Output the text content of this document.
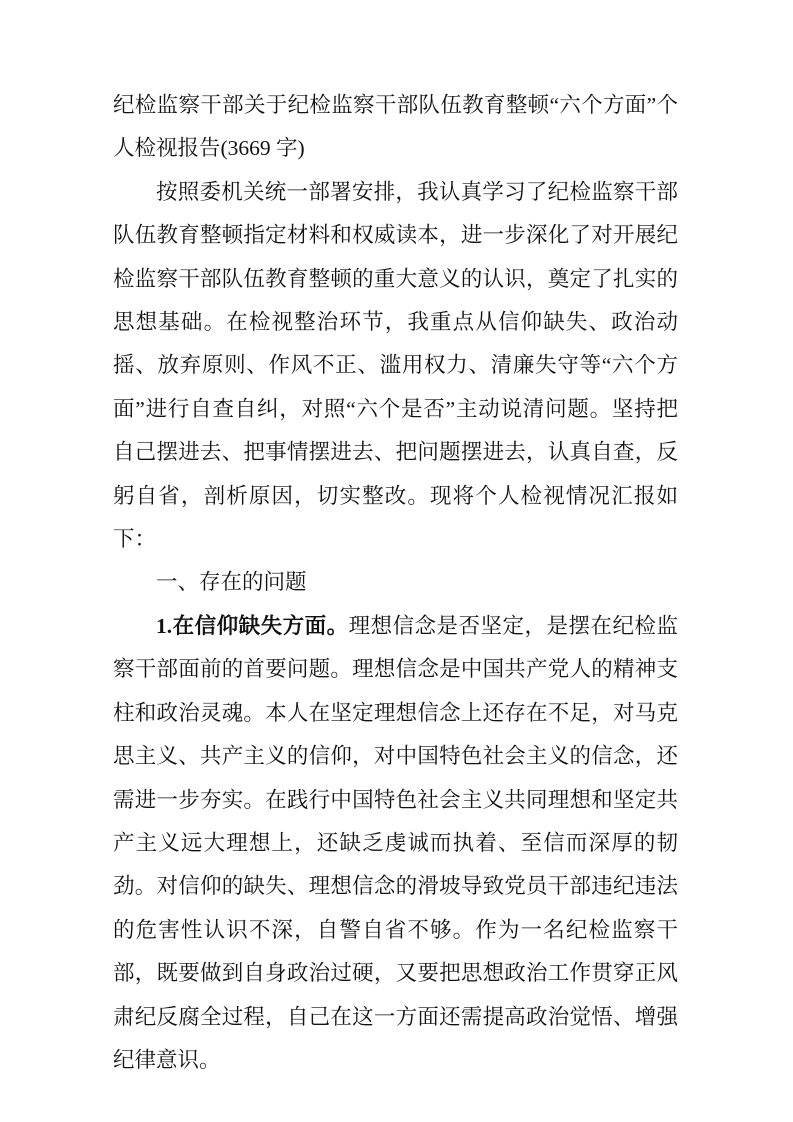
纪检监察干部关于纪检监察干部队伍教育整顿“六个方面”个人检视报告(3669 字)

按照委机关统一部署安排，我认真学习了纪检监察干部队伍教育整顿指定材料和权威读本，进一步深化了对开展纪检监察干部队伍教育整顿的重大意义的认识，奠定了扎实的思想基础。在检视整治环节，我重点从信仰缺失、政治动摇、放弃原则、作风不正、滥用权力、清廉失守等“六个方面”进行自查自纠，对照“六个是否”主动说清问题。坚持把自己摆进去、把事情摆进去、把问题摆进去，认真自查，反躬自省，剖析原因，切实整改。现将个人检视情况汇报如下：

一、存在的问题

1.在信仰缺失方面。理想信念是否坚定，是摆在纪检监察干部面前的首要问题。理想信念是中国共产党人的精神支柱和政治灵魂。本人在坚定理想信念上还存在不足，对马克思主义、共产主义的信仰，对中国特色社会主义的信念，还需进一步夯实。在践行中国特色社会主义共同理想和坚定共产主义远大理想上，还缺乏虔诚而执着、至信而深厚的韧劲。对信仰的缺失、理想信念的滑坡导致党员干部违纪违法的危害性认识不深，自警自省不够。作为一名纪检监察干部，既要做到自身政治过硬，又要把思想政治工作贯穿正风肃纪反腐全过程，自己在这一方面还需提高政治觉悟、增强纪律意识。
